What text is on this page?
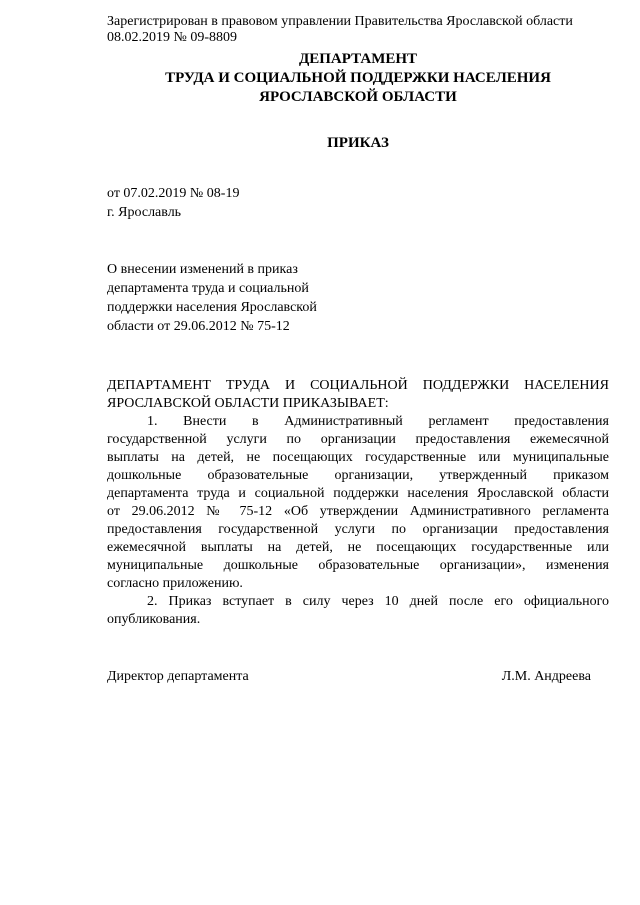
Зарегистрирован в правовом управлении Правительства Ярославской области
08.02.2019 № 09-8809
ДЕПАРТАМЕНТ
ТРУДА И СОЦИАЛЬНОЙ ПОДДЕРЖКИ НАСЕЛЕНИЯ
ЯРОСЛАВСКОЙ ОБЛАСТИ
ПРИКАЗ
от 07.02.2019 № 08-19
г. Ярославль
О внесении изменений в приказ
департамента труда и социальной
поддержки населения Ярославской
области от 29.06.2012 № 75-12
ДЕПАРТАМЕНТ ТРУДА И СОЦИАЛЬНОЙ ПОДДЕРЖКИ НАСЕЛЕНИЯ
ЯРОСЛАВСКОЙ ОБЛАСТИ ПРИКАЗЫВАЕТ:
1. Внести в Административный регламент предоставления
государственной услуги по организации предоставления ежемесячной
выплаты на детей, не посещающих государственные или муниципальные
дошкольные образовательные организации, утвержденный приказом
департамента труда и социальной поддержки населения Ярославской области
от 29.06.2012 № 75-12 «Об утверждении Административного регламента
предоставления государственной услуги по организации предоставления
ежемесячной выплаты на детей, не посещающих государственные или
муниципальные дошкольные образовательные организации», изменения
согласно приложению.
2. Приказ вступает в силу через 10 дней после его официального
опубликования.
Директор департамента	Л.М. Андреева
